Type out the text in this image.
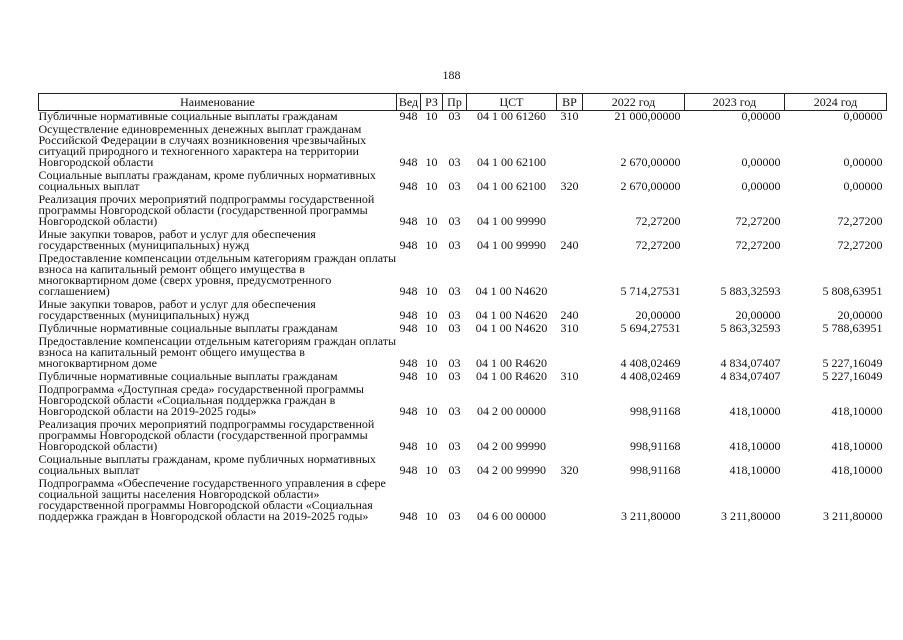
188
Наименование	Вед	РЗ	Пр	ЦСТ	ВР	2022 год	2023 год	2024 год
Публичные нормативные социальные выплаты гражданам	948	10	03	04 1 00 61260	310	21 000,00000	0,00000	0,00000
Осуществление единовременных денежных выплат гражданам Российской Федерации в случаях возникновения чрезвычайных ситуаций природного и техногенного характера на территории Новгородской области	948	10	03	04 1 00 62100		2 670,00000	0,00000	0,00000
Социальные выплаты гражданам, кроме публичных нормативных социальных выплат	948	10	03	04 1 00 62100	320	2 670,00000	0,00000	0,00000
Реализация прочих мероприятий подпрограммы государственной программы Новгородской области (государственной программы Новгородской области)	948	10	03	04 1 00 99990		72,27200	72,27200	72,27200
Иные закупки товаров, работ и услуг для обеспечения государственных (муниципальных) нужд	948	10	03	04 1 00 99990	240	72,27200	72,27200	72,27200
Предоставление компенсации отдельным категориям граждан оплаты взноса на капитальный ремонт общего имущества в многоквартирном доме (сверх уровня, предусмотренного соглашением)	948	10	03	04 1 00 N4620		5 714,27531	5 883,32593	5 808,63951
Иные закупки товаров, работ и услуг для обеспечения государственных (муниципальных) нужд	948	10	03	04 1 00 N4620	240	20,00000	20,00000	20,00000
Публичные нормативные социальные выплаты гражданам	948	10	03	04 1 00 N4620	310	5 694,27531	5 863,32593	5 788,63951
Предоставление компенсации отдельным категориям граждан оплаты взноса на капитальный ремонт общего имущества в многоквартирном доме	948	10	03	04 1 00 R4620		4 408,02469	4 834,07407	5 227,16049
Публичные нормативные социальные выплаты гражданам	948	10	03	04 1 00 R4620	310	4 408,02469	4 834,07407	5 227,16049
Подпрограмма «Доступная среда» государственной программы Новгородской области «Социальная поддержка граждан в Новгородской области на 2019-2025 годы»	948	10	03	04 2 00 00000		998,91168	418,10000	418,10000
Реализация прочих мероприятий подпрограммы государственной программы Новгородской области (государственной программы Новгородской области)	948	10	03	04 2 00 99990		998,91168	418,10000	418,10000
Социальные выплаты гражданам, кроме публичных нормативных социальных выплат	948	10	03	04 2 00 99990	320	998,91168	418,10000	418,10000
Подпрограмма «Обеспечение государственного управления в сфере социальной защиты населения Новгородской области» государственной программы Новгородской области «Социальная поддержка граждан в Новгородской области на 2019-2025 годы»	948	10	03	04 6 00 00000		3 211,80000	3 211,80000	3 211,80000
